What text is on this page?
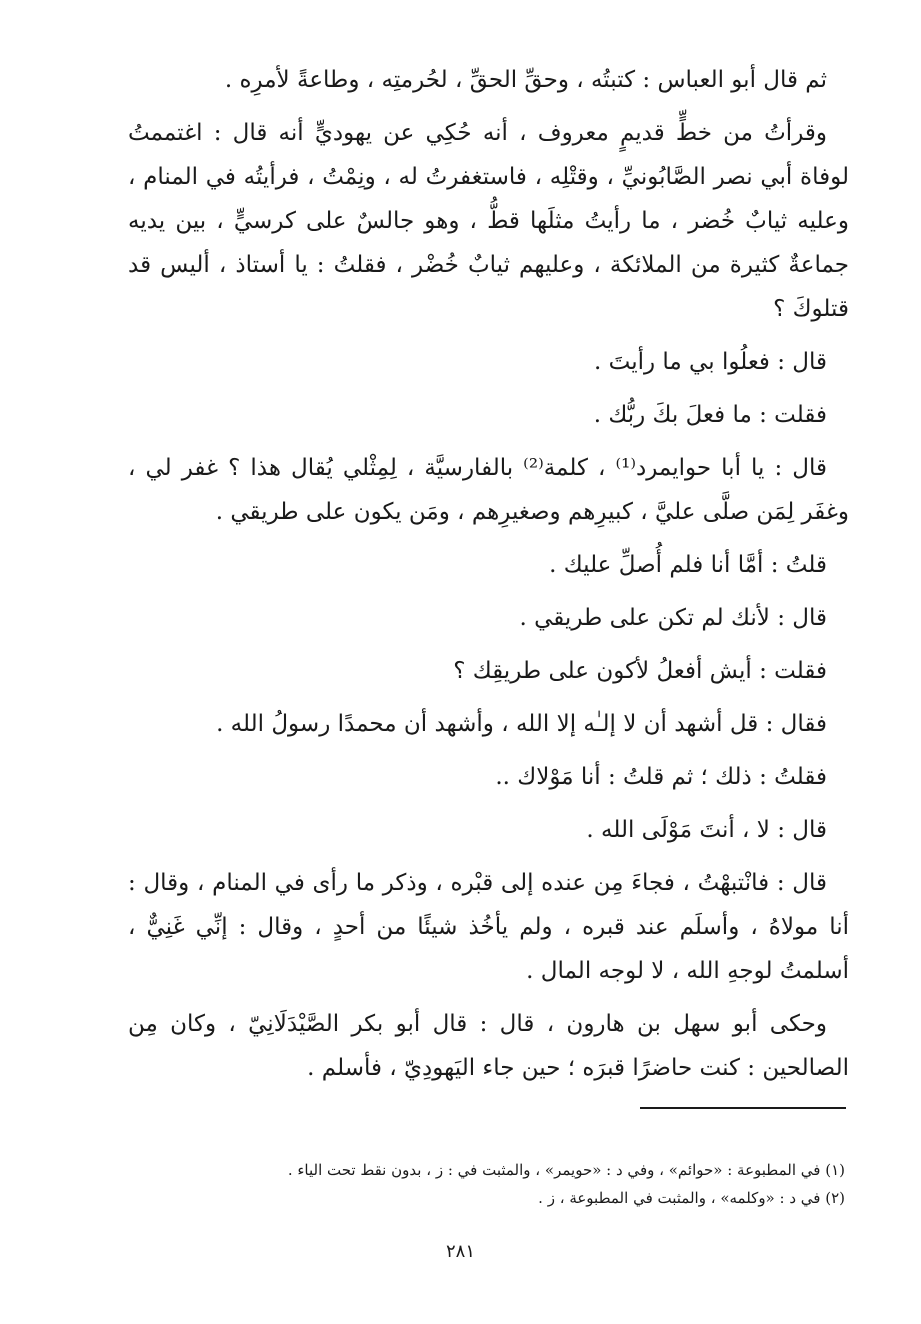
ثم قال أبو العباس : كتبتُه ، وحقِّ الحقِّ ، لحُرمتِه ، وطاعةً لأمرِه .

وقرأتُ من خطٍّ قديمٍ معروف ، أنه حُكِي عن يهوديٍّ أنه قال : اغتممتُ لوفاة أبي نصر الصَّابُونيِّ ، وقتْلِه ، فاستغفرتُ له ، ونِمْتُ ، فرأيتُه في المنام ، وعليه ثيابٌ خُضر ، ما رأيتُ مثلَها قطُّ ، وهو جالسٌ على كرسيٍّ ، بين يديه جماعةٌ كثيرة من الملائكة ، وعليهم ثيابٌ خُضْر ، فقلتُ : يا أستاذ ، أليس قد قتلوكَ ؟

قال : فعلُوا بي ما رأيتَ .

فقلت : ما فعلَ بكَ ربُّك .

قال : يا أبا حوايمرد⁽¹⁾ ، كلمة⁽²⁾ بالفارسيَّة ، لِمِثْلي يُقال هذا ؟ غفر لي ، وغفَر لِمَن صلَّى عليَّ ، كبيرِهم وصغيرِهم ، ومَن يكون على طريقي .

قلتُ : أمَّا أنا فلم أُصلِّ عليك .

قال : لأنك لم تكن على طريقي .

فقلت : أيش أفعلُ لأكون على طريقِك ؟

فقال : قل أشهد أن لا إلـٰه إلا الله ، وأشهد أن محمدًا رسولُ الله .

فقلتُ : ذلك ؛ ثم قلتُ : أنا مَوْلاك ..

قال : لا ، أنتَ مَوْلَى الله .

قال : فانْتبهْتُ ، فجاءَ مِن عنده إلى قبْره ، وذكر ما رأى في المنام ، وقال : أنا مولاهُ ، وأسلَم عند قبره ، ولم يأخُذ شيئًا من أحدٍ ، وقال : إنِّي غَنِيٌّ ، أسلمتُ لوجهِ الله ، لا لوجه المال .

وحكى أبو سهل بن هارون ، قال : قال أبو بكر الصَّيْدَلَانِيّ ، وكان مِن الصالحين : كنت حاضرًا قبرَه ؛ حين جاء اليَهودِيّ ، فأسلم .

(١) في المطبوعة : «حوائم» ، وفي د : «حويمر» ، والمثبت في : ز ، بدون نقط تحت الياء .

(٢) في د : «وكلمه» ، والمثبت في المطبوعة ، ز .

٢٨١
